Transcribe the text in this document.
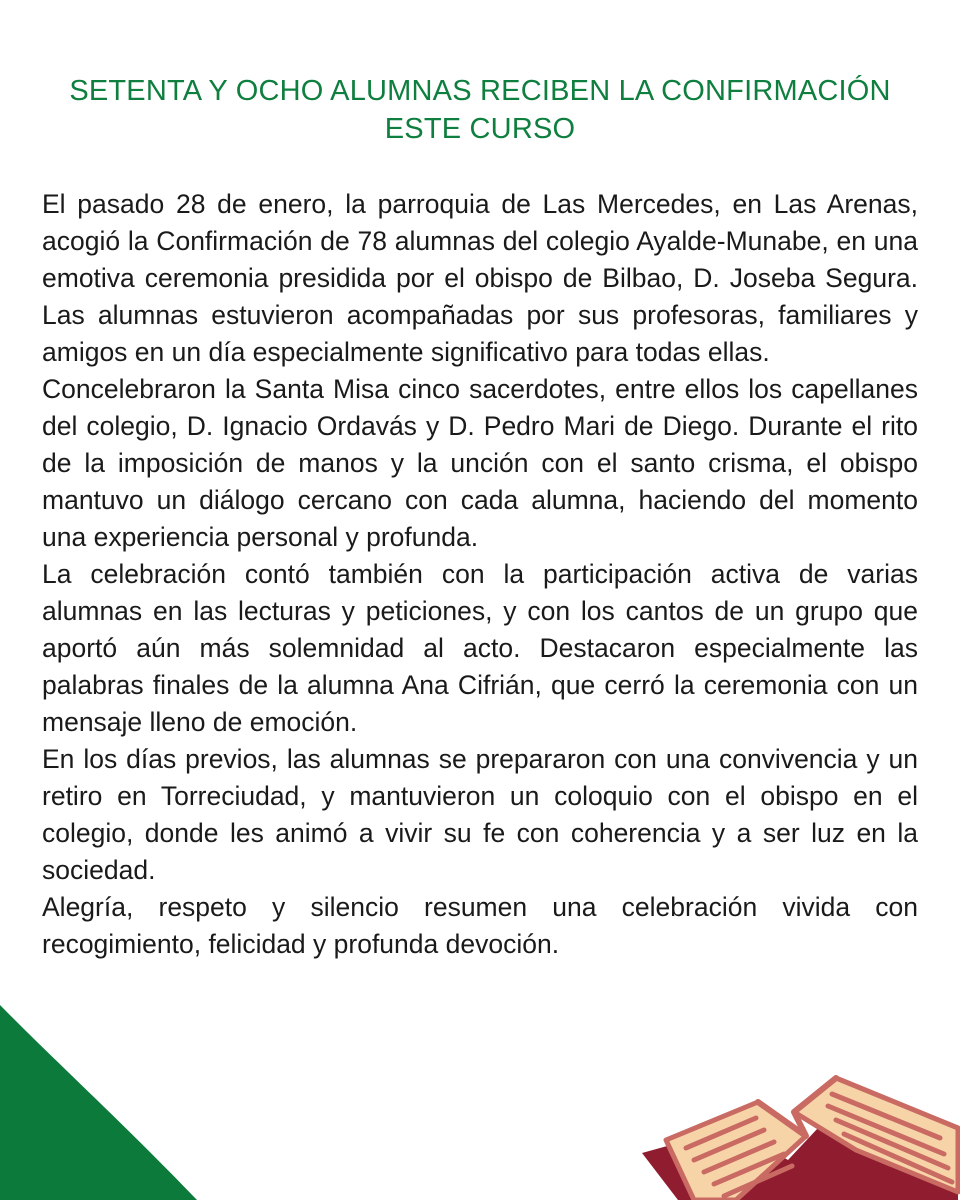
SETENTA Y OCHO ALUMNAS RECIBEN LA CONFIRMACIÓN ESTE CURSO

El pasado 28 de enero, la parroquia de Las Mercedes, en Las Arenas, acogió la Confirmación de 78 alumnas del colegio Ayalde-Munabe, en una emotiva ceremonia presidida por el obispo de Bilbao, D. Joseba Segura. Las alumnas estuvieron acompañadas por sus profesoras, familiares y amigos en un día especialmente significativo para todas ellas.

Concelebraron la Santa Misa cinco sacerdotes, entre ellos los capellanes del colegio, D. Ignacio Ordavás y D. Pedro Mari de Diego. Durante el rito de la imposición de manos y la unción con el santo crisma, el obispo mantuvo un diálogo cercano con cada alumna, haciendo del momento una experiencia personal y profunda.

La celebración contó también con la participación activa de varias alumnas en las lecturas y peticiones, y con los cantos de un grupo que aportó aún más solemnidad al acto. Destacaron especialmente las palabras finales de la alumna Ana Cifrián, que cerró la ceremonia con un mensaje lleno de emoción.

En los días previos, las alumnas se prepararon con una convivencia y un retiro en Torreciudad, y mantuvieron un coloquio con el obispo en el colegio, donde les animó a vivir su fe con coherencia y a ser luz en la sociedad.

Alegría, respeto y silencio resumen una celebración vivida con recogimiento, felicidad y profunda devoción.
